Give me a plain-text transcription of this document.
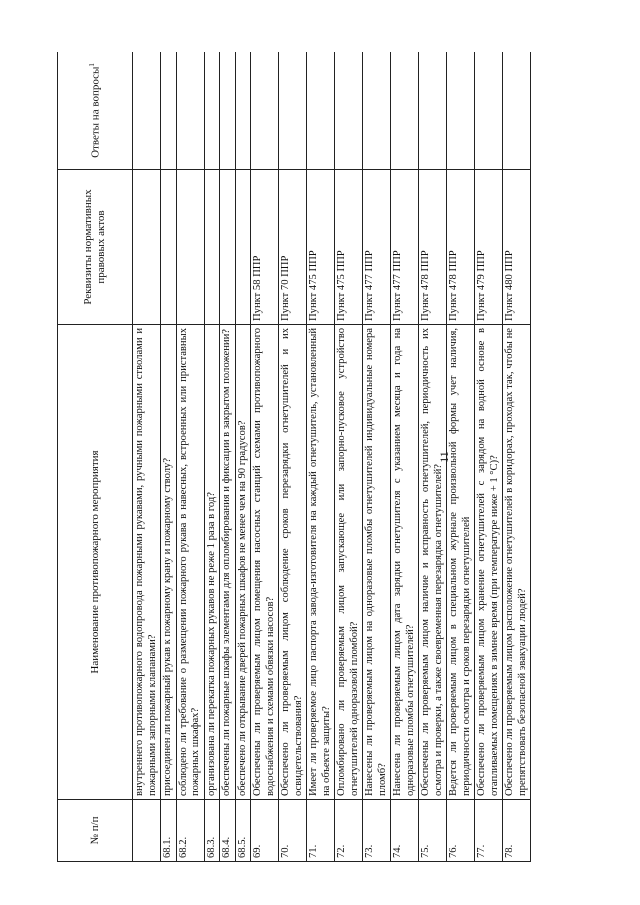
11
№ п/п	Наименование противопожарного мероприятия	Реквизиты нормативных правовых актов	Ответы на вопросы$^1$
	внутреннего противопожарного водопровода пожарными рукавами, ручными пожарными стволами и пожарными запорными клапанами?		
68.1.	присоединен ли пожарный рукав к пожарному крану и пожарному стволу?		
68.2.	соблюдено ли требование о размещении пожарного рукава в навесных, встроенных или приставных пожарных шкафах?		
68.3.	организована ли перекатка пожарных рукавов не реже 1 раза в год?		
68.4.	обеспечены ли пожарные шкафы элементами для опломбирования и фиксации в закрытом положении?		
68.5.	обеспечено ли открывание дверей пожарных шкафов не менее чем на 90 градусов?		
69.	Обеспечены ли проверяемым лицом помещения насосных станций схемами противопожарного водоснабжения и схемами обвязки насосов?	Пункт 58 ППР	
70.	Обеспечено ли проверяемым лицом соблюдение сроков перезарядки огнетушителей и их освидетельствования?	Пункт 70 ППР	
71.	Имеет ли проверяемое лицо паспорта завода-изготовителя на каждый огнетушитель, установленный на объекте защиты?	Пункт 475 ППР	
72.	Опломбировано ли проверяемым лицом запускающее или запорно-пусковое устройство огнетушителей одноразовой пломбой?	Пункт 475 ППР	
73.	Нанесены ли проверяемым лицом на одноразовые пломбы огнетушителей индивидуальные номера пломб?	Пункт 477 ППР	
74.	Нанесена ли проверяемым лицом дата зарядки огнетушителя с указанием месяца и года на одноразовые пломбы огнетушителей?	Пункт 477 ППР	
75.	Обеспечены ли проверяемым лицом наличие и исправность огнетушителей, периодичность их осмотра и проверки, а также своевременная перезарядка огнетушителей?	Пункт 478 ППР	
76.	Ведется ли проверяемым лицом в специальном журнале произвольной формы учет наличия, периодичности осмотра и сроков перезарядки огнетушителей	Пункт 478 ППР	
77.	Обеспечено ли проверяемым лицом хранение огнетушителей с зарядом на водной основе в отапливаемых помещениях в зимнее время (при температуре ниже + 1 °C)?	Пункт 479 ППР	
78.	Обеспечено ли проверяемым лицом расположение огнетушителей в коридорах, проходах так, чтобы не препятствовать безопасной эвакуации людей?	Пункт 480 ППР	
